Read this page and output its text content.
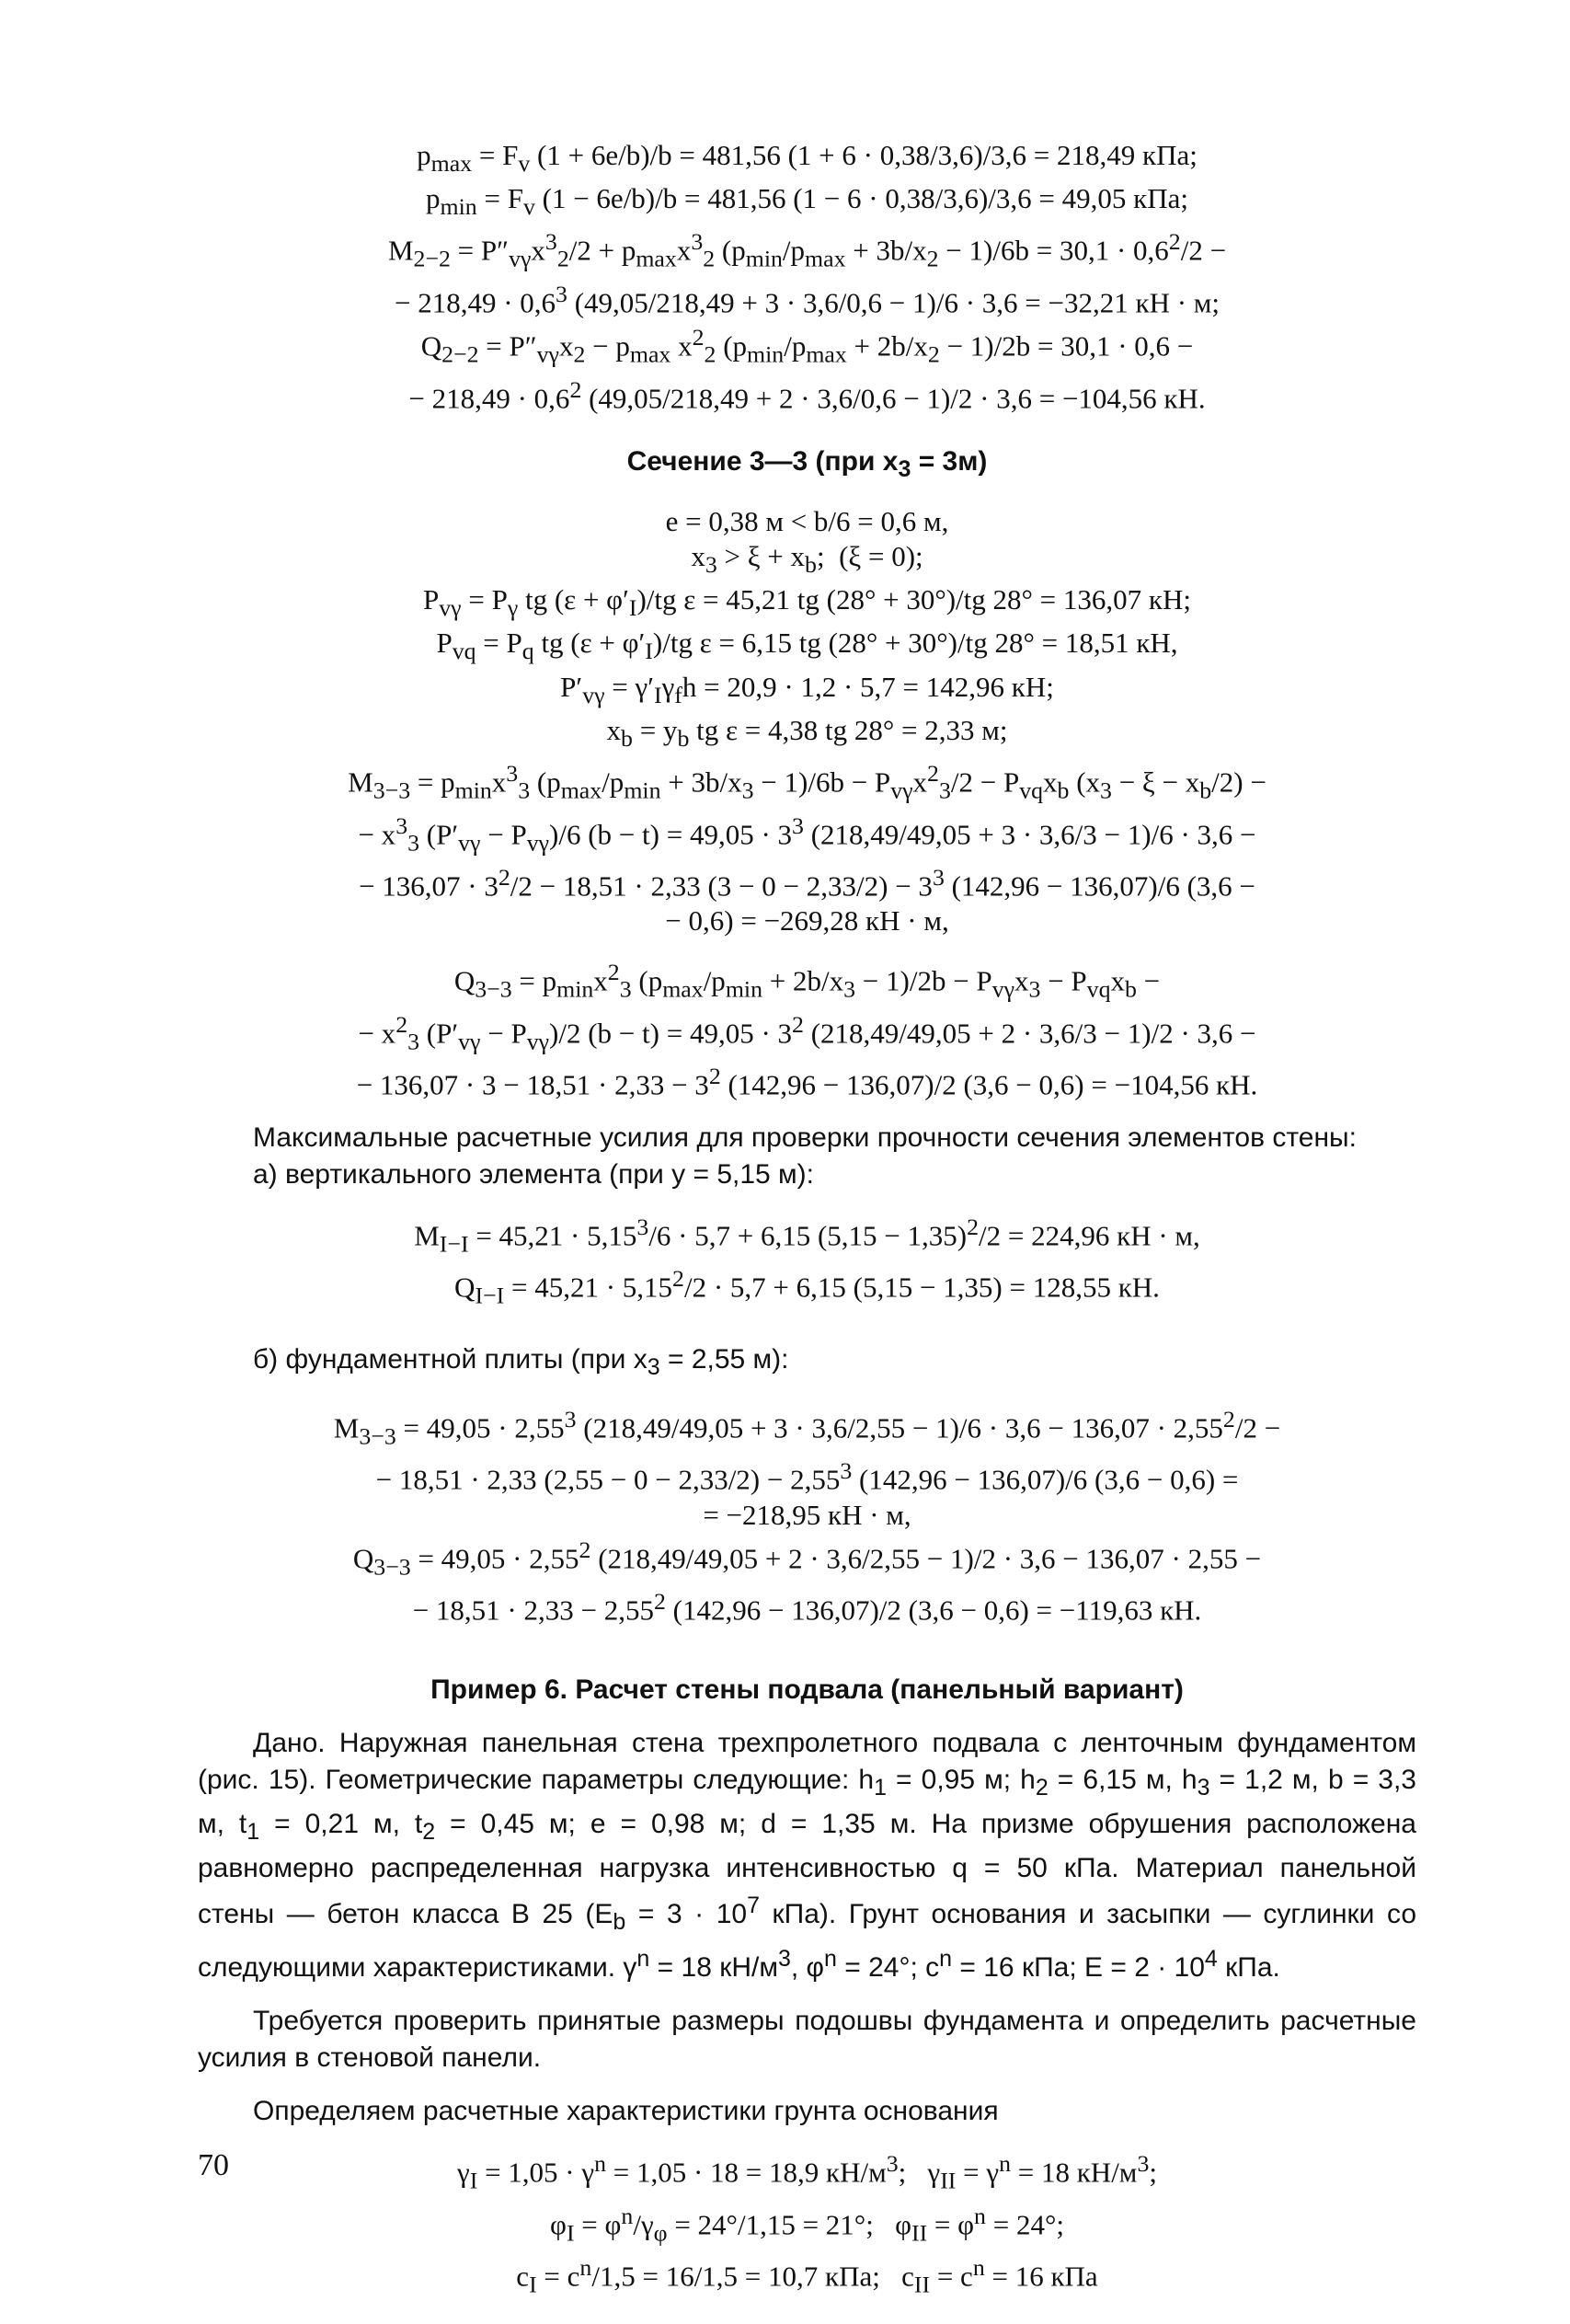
$p_{max} = F_v$ (1 + 6e/b)/b = 481,56 (1 + 6 · 0,38/3,6)/3,6 = 218,49 кПа;
$p_{min} = F_v$ (1 − 6e/b)/b = 481,56 (1 − 6 · 0,38/3,6)/3,6 = 49,05 кПа;
$M_{2-2} = P''_{v\gamma}x^3_2/2 + p_{max}x^3_2$ $(p_{min}/p_{max} + 3b/x_2 - 1)/6b = 30,1 \cdot 0,6^2/2$ −
− $218,49 \cdot 0,6^3$ (49,05/218,49 + 3 · 3,6/0,6 − 1)/6 · 3,6 = −32,21 кН · м;
$Q_{2-2} = P''_{v\gamma}x_2 - p_{max}$ $x^2_2$ $(p_{min}/p_{max} + 2b/x_2 - 1)/2b = 30,1 \cdot 0,6$ −
− $218,49 \cdot 0,6^2$ (49,05/218,49 + 2 · 3,6/0,6 − 1)/2 · 3,6 = −104,56 кН.
Сечение 3—3 (при $x_3 = 3м$)
e = 0,38 м < b/6 = 0,6 м,
$x_3 > \xi + x_b$;  (ξ = 0);
$P_{v\gamma} = P_\gamma$ tg $(\varepsilon + \varphi'_I)/tg$ ε = 45,21 tg (28° + 30°)/tg 28° = 136,07 кН;
$P_{vq} = P_q$ tg $(\varepsilon + \varphi'_I)/tg$ ε = 6,15 tg (28° + 30°)/tg 28° = 18,51 кН,
$P'_{v\gamma} = \gamma'_I\gamma_fh = 20,9 \cdot 1,2 \cdot 5,7 = 142,96$ кН;
$x_b = y_b$ tg ε = 4,38 tg 28° = 2,33 м;
$M_{3-3} = p_{min}x^3_3$ $(p_{max}/p_{min} + 3b/x_3 - 1)/6b - P_{v\gamma}x^2_3/2 - P_{vq}x_b$ $(x_3 - \xi - x_b/2)$ −
− $x^3_3$ $(P'_{v\gamma} - P_{v\gamma})/6$ $(b - t) = 49,05 \cdot 3^3$ (218,49/49,05 + 3 · 3,6/3 − 1)/6 · 3,6 −
− $136,07 \cdot 3^2/2 - 18,51 \cdot 2,33$ $(3 - 0 - 2,33/2) - 3^3$ (142,96 − 136,07)/6 (3,6 −
− 0,6) = −269,28 кН · м,
$Q_{3-3} = p_{min}x^2_3$ $(p_{max}/p_{min} + 2b/x_3 - 1)/2b - P_{v\gamma}x_3 - P_{vq}x_b$ −
− $x^2_3$ $(P'_{v\gamma} - P_{v\gamma})/2$ $(b - t) = 49,05 \cdot 3^2$ (218,49/49,05 + 2 · 3,6/3 − 1)/2 · 3,6 −
− $136,07 \cdot 3 - 18,51 \cdot 2,33 - 3^2$ (142,96 − 136,07)/2 (3,6 − 0,6) = −104,56 кН.
Максимальные расчетные усилия для проверки прочности сечения элементов стены:
а) вертикального элемента (при y = 5,15 м):
$M_{I-I} = 45,21 \cdot 5,15^3/6 \cdot 5,7 + 6,15$ $(5,15 - 1,35)^2/2 = 224,96$ кН · м,
$Q_{I-I} = 45,21 \cdot 5,15^2/2 \cdot 5,7 + 6,15$ (5,15 − 1,35) = 128,55 кН.
б) фундаментной плиты (при $x_3 = 2,55$ м):
$M_{3-3} = 49,05 \cdot 2,55^3$ $(218,49/49,05 + 3 \cdot 3,6/2,55 - 1)/6 \cdot 3,6 - 136,07 \cdot 2,55^2/2$ −
− 18,51 · 2,33 $(2,55 - 0 - 2,33/2) - 2,55^3$ (142,96 − 136,07)/6 (3,6 − 0,6) =
= −218,95 кН · м,
$Q_{3-3} = 49,05 \cdot 2,55^2$ (218,49/49,05 + 2 · 3,6/2,55 − 1)/2 · 3,6 − 136,07 · 2,55 −
− $18,51 \cdot 2,33 - 2,55^2$ (142,96 − 136,07)/2 (3,6 − 0,6) = −119,63 кН.
Пример 6. Расчет стены подвала (панельный вариант)
Дано. Наружная панельная стена трехпролетного подвала с ленточным фундаментом (рис. 15). Геометрические параметры следующие: $h_1 = 0,95$ м; $h_2 = 6,15$ м, $h_3 = 1,2$ м, b = 3,3 м, $t_1 = 0,21$ м, $t_2 = 0,45$ м; e = 0,98 м; d = 1,35 м. На призме обрушения расположена равномерно распределенная нагрузка интенсивностью q = 50 кПа. Материал панельной стены — бетон класса В 25 ($E_b = 3 \cdot 10^7$ кПа). Грунт основания и засыпки — суглинки со следующими характеристиками. $\gamma^n = 18$ $кН/м^3$, $\varphi^n = 24^\circ$; $c^n = 16$ кПа; $E = 2 \cdot 10^4$ кПа.
Требуется проверить принятые размеры подошвы фундамента и определить расчетные усилия в стеновой панели.
Определяем расчетные характеристики грунта основания
$\gamma_I = 1,05 \cdot \gamma^n = 1,05 \cdot 18 = 18,9$ $кН/м^3$;   $\gamma_{II} = \gamma^n = 18$ $кН/м^3$;
$\varphi_I = \varphi^n/\gamma_\varphi = 24^\circ/1,15 = 21^\circ$;   $\varphi_{II} = \varphi^n = 24^\circ$;
$c_I = c^n/1,5 = 16/1,5 = 10,7$ кПа;   $c_{II} = c^n = 16$ кПа
70
